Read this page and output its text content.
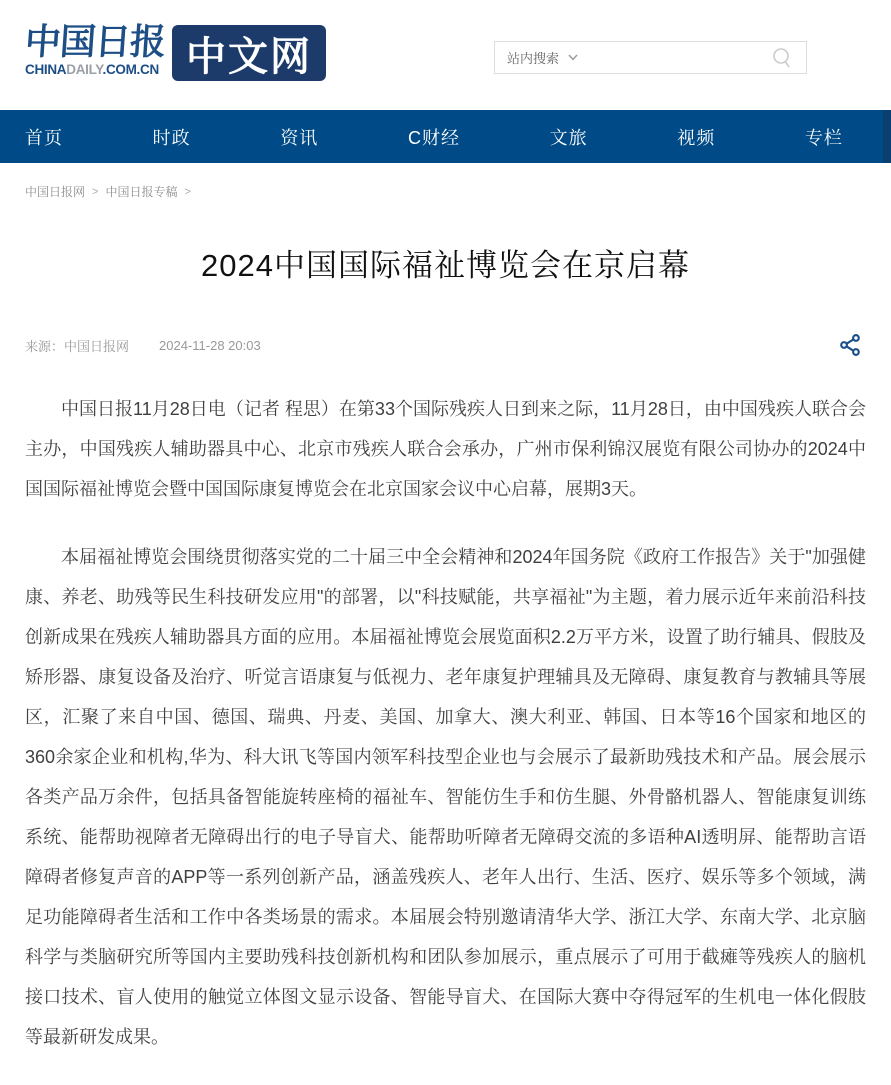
中国日报
CHINADAILY.COM.CN 中文网	站内搜索
首页	时政	资讯	C财经	文旅	视频	专栏
中国日报网 > 中国日报专稿 >
2024中国国际福祉博览会在京启幕
来源：中国日报网 2024-11-28 20:03

中国日报11月28日电（记者 程思）在第33个国际残疾人日到来之际，11月28日，由中国残疾人联合会主办，中国残疾人辅助器具中心、北京市残疾人联合会承办，广州市保利锦汉展览有限公司协办的2024中国国际福祉博览会暨中国国际康复博览会在北京国家会议中心启幕，展期3天。

本届福祉博览会围绕贯彻落实党的二十届三中全会精神和2024年国务院《政府工作报告》关于"加强健康、养老、助残等民生科技研发应用"的部署，以"科技赋能，共享福祉"为主题，着力展示近年来前沿科技创新成果在残疾人辅助器具方面的应用。本届福祉博览会展览面积2.2万平方米，设置了助行辅具、假肢及矫形器、康复设备及治疗、听觉言语康复与低视力、老年康复护理辅具及无障碍、康复教育与教辅具等展区，汇聚了来自中国、德国、瑞典、丹麦、美国、加拿大、澳大利亚、韩国、日本等16个国家和地区的360余家企业和机构,华为、科大讯飞等国内领军科技型企业也与会展示了最新助残技术和产品。展会展示各类产品万余件，包括具备智能旋转座椅的福祉车、智能仿生手和仿生腿、外骨骼机器人、智能康复训练系统、能帮助视障者无障碍出行的电子导盲犬、能帮助听障者无障碍交流的多语种AI透明屏、能帮助言语障碍者修复声音的APP等一系列创新产品，涵盖残疾人、老年人出行、生活、医疗、娱乐等多个领域，满足功能障碍者生活和工作中各类场景的需求。本届展会特别邀请清华大学、浙江大学、东南大学、北京脑科学与类脑研究所等国内主要助残科技创新机构和团队参加展示，重点展示了可用于截瘫等残疾人的脑机接口技术、盲人使用的触觉立体图文显示设备、智能导盲犬、在国际大赛中夺得冠军的生机电一体化假肢等最新研发成果。
